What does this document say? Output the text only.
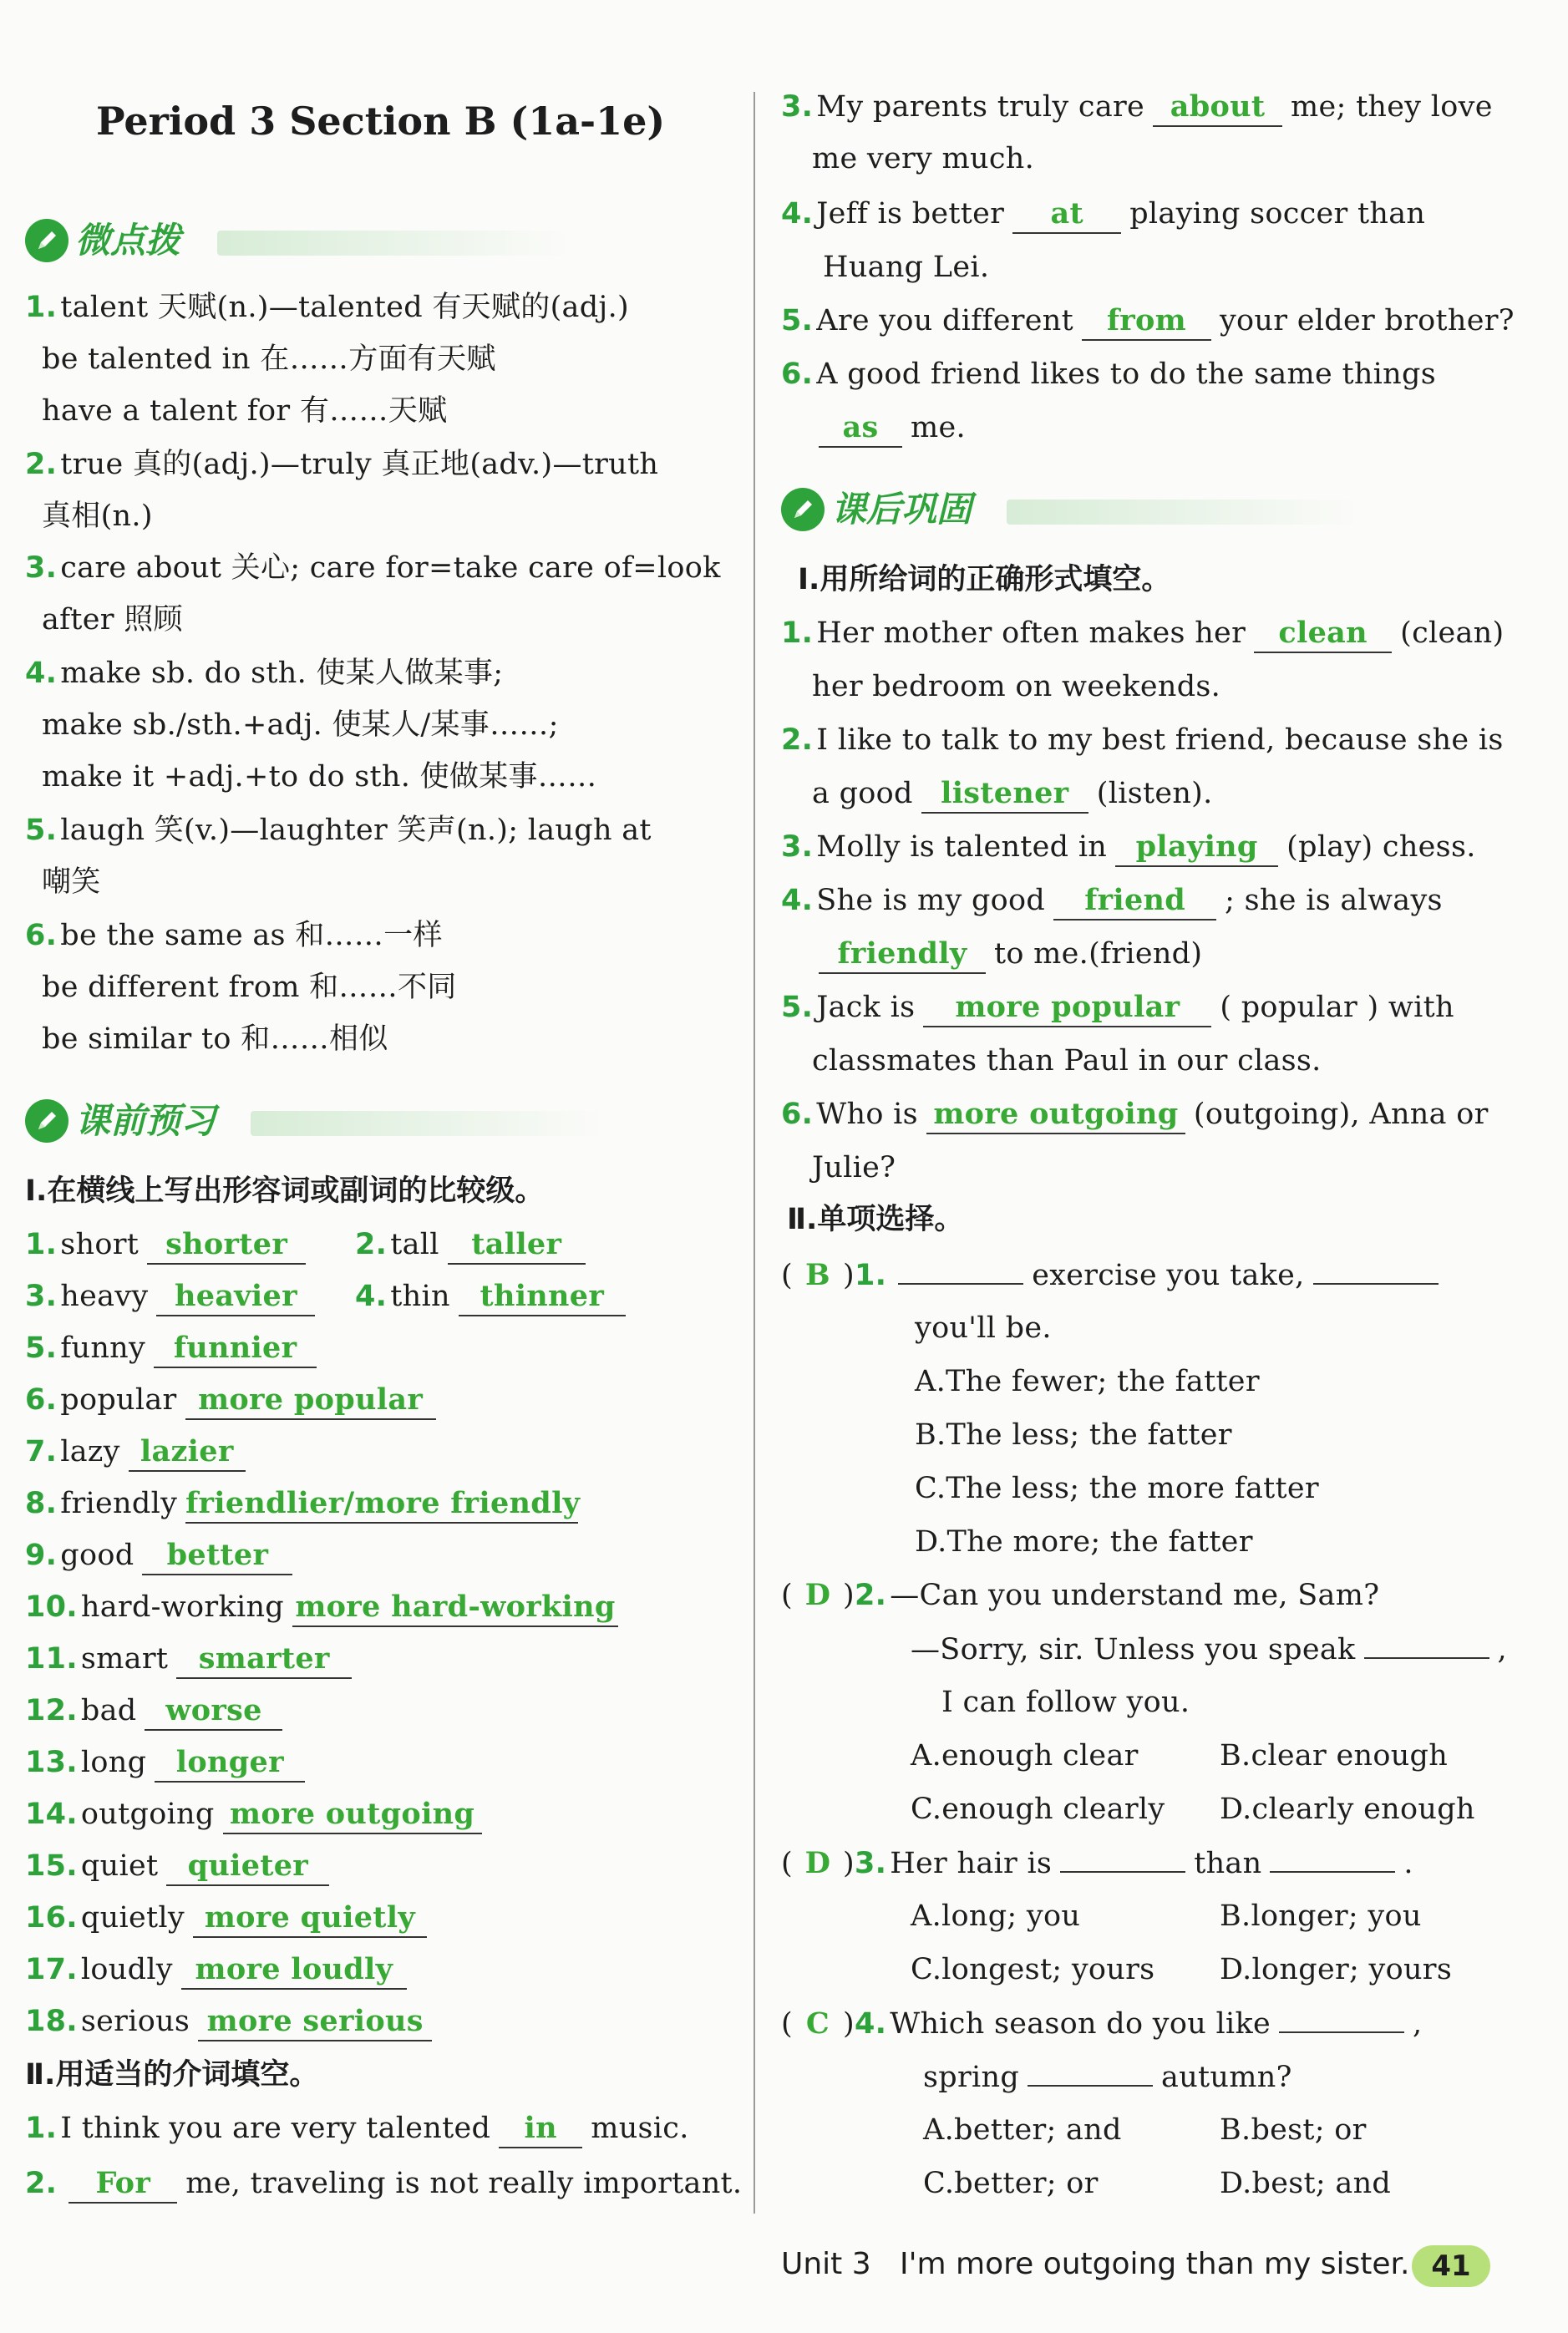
Period 3 Section B (1a-1e)
微点拨
1. talent 天赋(n.)—talented 有天赋的(adj.)
be talented in 在……方面有天赋
have a talent for 有……天赋
2. true 真的(adj.)—truly 真正地(adv.)—truth
真相(n.)
3. care about 关心; care for=take care of=look
after 照顾
4. make sb. do sth. 使某人做某事;
make sb./sth.+adj. 使某人/某事……;
make it +adj.+to do sth. 使做某事……
5. laugh 笑(v.)—laughter 笑声(n.); laugh at
嘲笑
6. be the same as 和……一样
be different from 和……不同
be similar to 和……相似
课前预习
Ⅰ.在横线上写出形容词或副词的比较级。
1. short shorter	2. tall taller
3. heavy heavier	4. thin thinner
5. funny funnier
6. popular more popular
7. lazy lazier
8. friendly friendlier/more friendly
9. good better
10. hard-working more hard-working
11. smart smarter
12. bad worse
13. long longer
14. outgoing more outgoing
15. quiet quieter
16. quietly more quietly
17. loudly more loudly
18. serious more serious
Ⅱ.用适当的介词填空。
1. I think you are very talented in music.
2. For me, traveling is not really important.
3. My parents truly care about me; they love
me very much.
4. Jeff is better at playing soccer than
Huang Lei.
5. Are you different from your elder brother?
6. A good friend likes to do the same things
as me.
课后巩固
Ⅰ.用所给词的正确形式填空。
1. Her mother often makes her clean (clean)
her bedroom on weekends.
2. I like to talk to my best friend, because she is
a good listener (listen).
3. Molly is talented in playing (play) chess.
4. She is my good friend ; she is always
friendly to me.(friend)
5. Jack is more popular ( popular ) with
classmates than Paul in our class.
6. Who is more outgoing (outgoing), Anna or
Julie?
Ⅱ.单项选择。
( B )1.	exercise you take,
you'll be.
A.The fewer; the fatter
B.The less; the fatter
C.The less; the more fatter
D.The more; the fatter
( D )2. —Can you understand me, Sam?
—Sorry, sir. Unless you speak	,
I can follow you.
A.enough clear	B.clear enough
C.enough clearly D.clearly enough
( D )3. Her hair is	than	.
A.long; you	B.longer; you
C.longest; yours D.longer; yours
( C )4. Which season do you like	,
spring	autumn?
A.better; and	B.best; or
C.better; or	D.best; and
Unit 3 I'm more outgoing than my sister. 41
